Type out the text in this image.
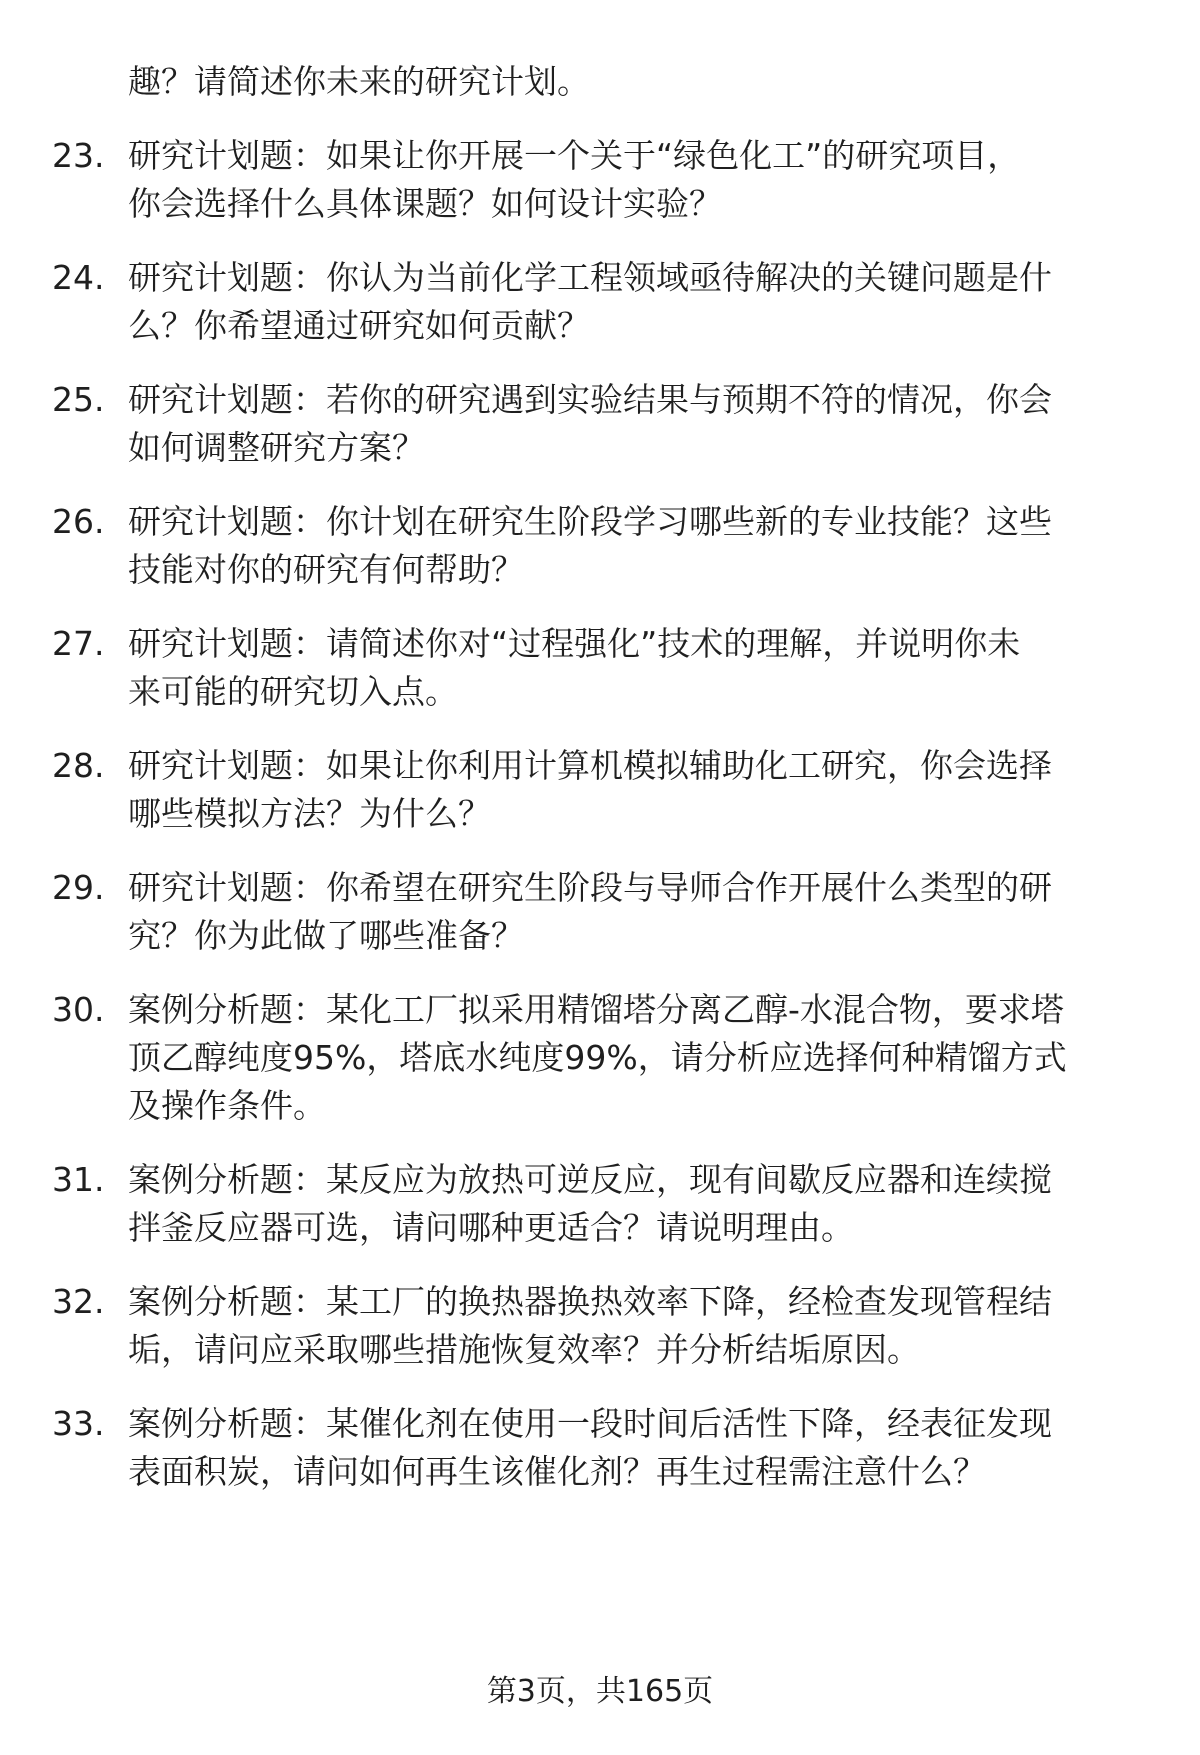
趣？请简述你未来的研究计划。
23. 研究计划题：如果让你开展一个关于“绿色化工”的研究项目，
你会选择什么具体课题？如何设计实验？
24. 研究计划题：你认为当前化学工程领域亟待解决的关键问题是什
么？你希望通过研究如何贡献？
25. 研究计划题：若你的研究遇到实验结果与预期不符的情况，你会
如何调整研究方案？
26. 研究计划题：你计划在研究生阶段学习哪些新的专业技能？这些
技能对你的研究有何帮助？
27. 研究计划题：请简述你对“过程强化”技术的理解，并说明你未
来可能的研究切入点。
28. 研究计划题：如果让你利用计算机模拟辅助化工研究，你会选择
哪些模拟方法？为什么？
29. 研究计划题：你希望在研究生阶段与导师合作开展什么类型的研
究？你为此做了哪些准备？
30. 案例分析题：某化工厂拟采用精馏塔分离乙醇-水混合物，要求塔
顶乙醇纯度95%，塔底水纯度99%，请分析应选择何种精馏方式
及操作条件。
31. 案例分析题：某反应为放热可逆反应，现有间歇反应器和连续搅
拌釜反应器可选，请问哪种更适合？请说明理由。
32. 案例分析题：某工厂的换热器换热效率下降，经检查发现管程结
垢，请问应采取哪些措施恢复效率？并分析结垢原因。
33. 案例分析题：某催化剂在使用一段时间后活性下降，经表征发现
表面积炭，请问如何再生该催化剂？再生过程需注意什么？
第3页，共165页
